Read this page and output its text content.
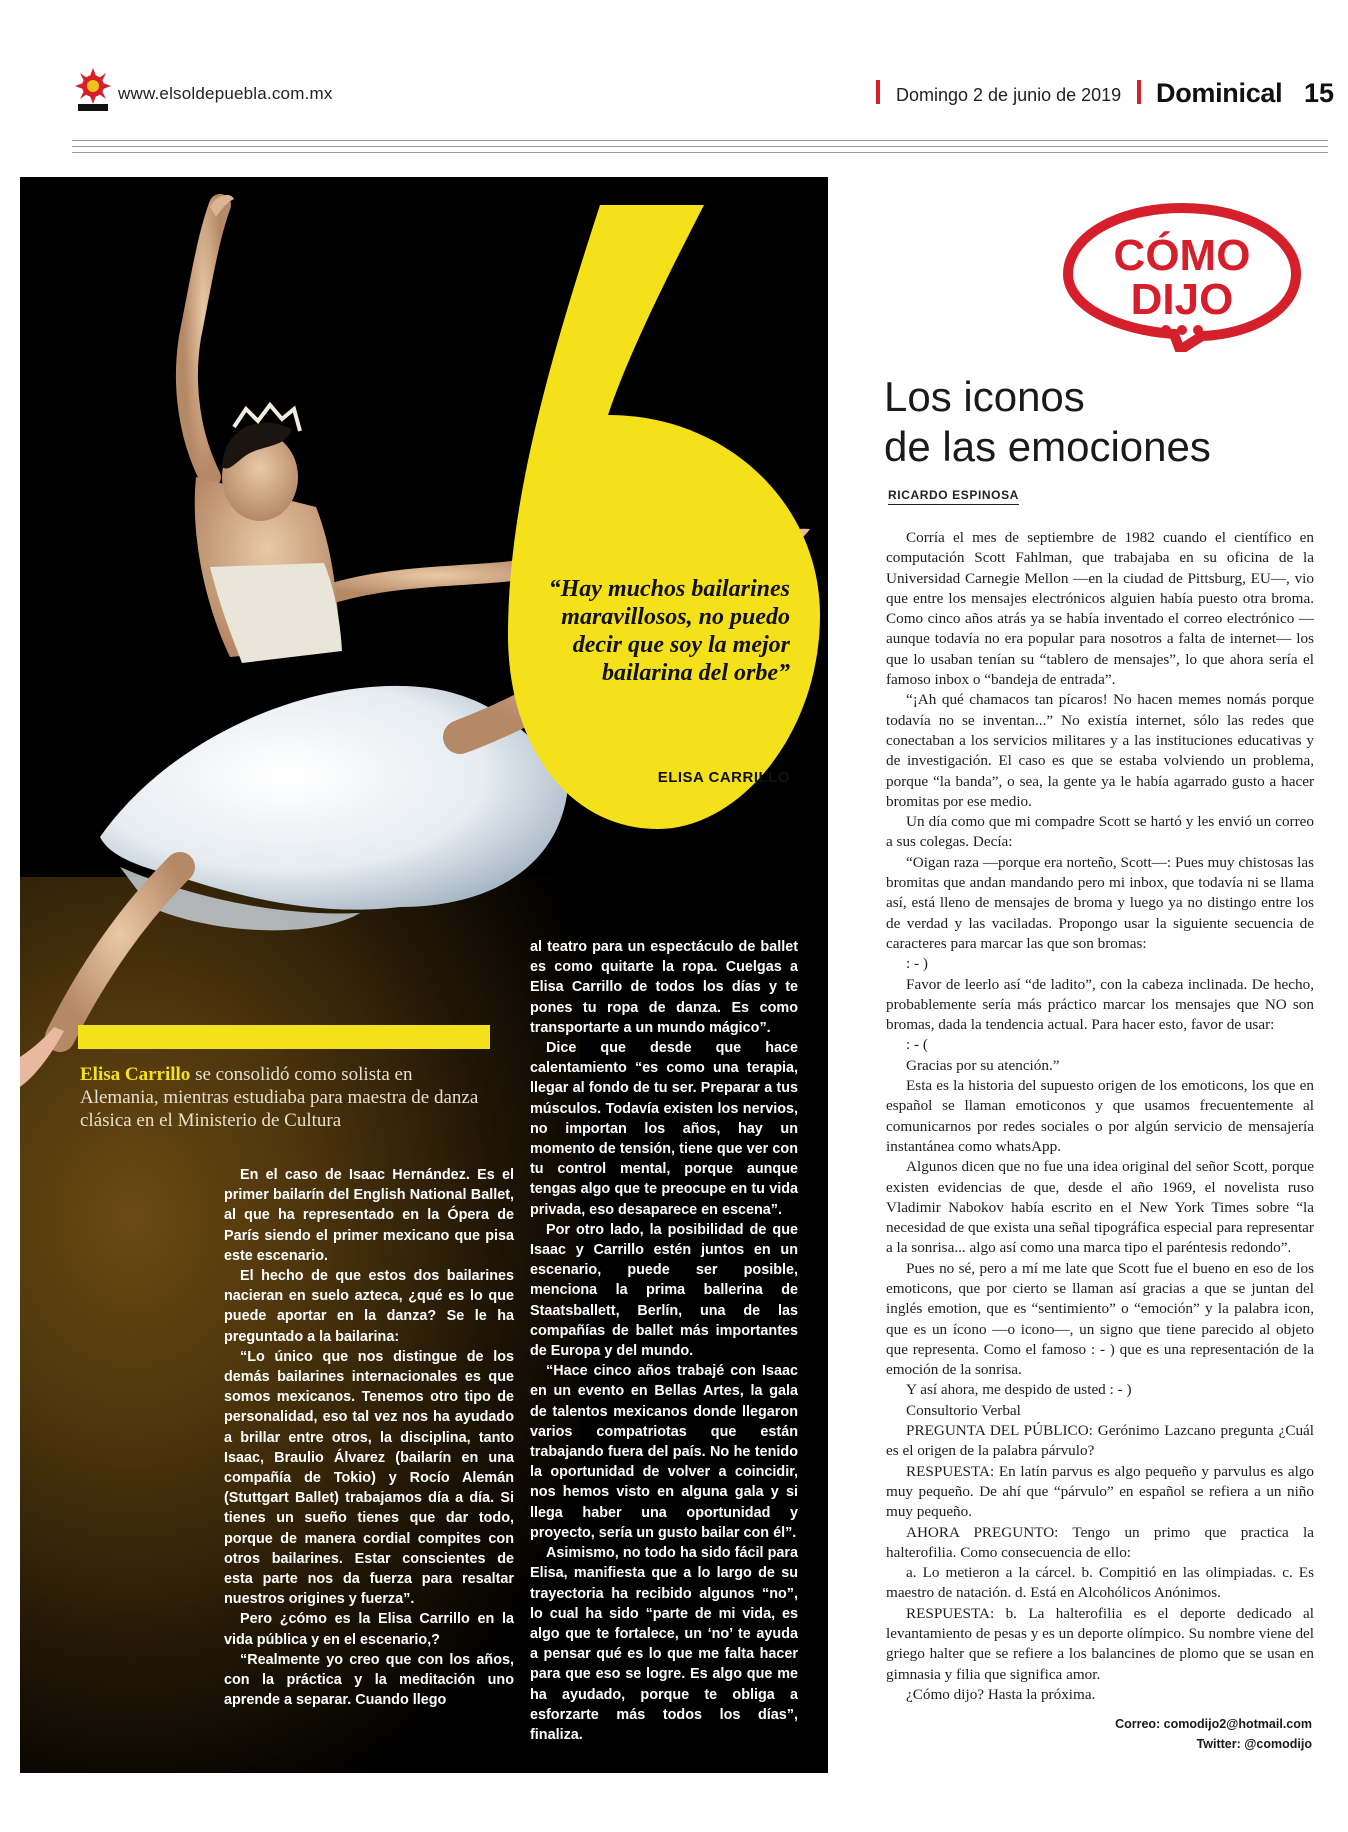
www.elsoldepuebla.com.mx	Domingo 2 de junio de 2019 Dominical 15
“Hay muchos bailarines maravillosos, no puedo decir que soy la mejor bailarina del orbe”
ELISA CARRILLO
Elisa Carrillo se consolidó como solista en Alemania, mientras estudiaba para maestra de danza clásica en el Ministerio de Cultura

En el caso de Isaac Hernández. Es el primer bailarín del English National Ballet, al que ha representado en la Ópera de París siendo el primer mexicano que pisa este escenario.

El hecho de que estos dos bailarines nacieran en suelo azteca, ¿qué es lo que puede aportar en la danza? Se le ha preguntado a la bailarina:

“Lo único que nos distingue de los demás bailarines internacionales es que somos mexicanos. Tenemos otro tipo de personalidad, eso tal vez nos ha ayudado a brillar entre otros, la disciplina, tanto Isaac, Braulio Álvarez (bailarín en una compañía de Tokio) y Rocío Alemán (Stuttgart Ballet) trabajamos día a día. Si tienes un sueño tienes que dar todo, porque de manera cordial compites con otros bailarines. Estar conscientes de esta parte nos da fuerza para resaltar nuestros origines y fuerza”.

Pero ¿cómo es la Elisa Carrillo en la vida pública y en el escenario,?

“Realmente yo creo que con los años, con la práctica y la meditación uno aprende a separar. Cuando llego

al teatro para un espectáculo de ballet es como quitarte la ropa. Cuelgas a Elisa Carrillo de todos los días y te pones tu ropa de danza. Es como transportarte a un mundo mágico”.

Dice que desde que hace calentamiento “es como una terapia, llegar al fondo de tu ser. Preparar a tus músculos. Todavía existen los nervios, no importan los años, hay un momento de tensión, tiene que ver con tu control mental, porque aunque tengas algo que te preocupe en tu vida privada, eso desaparece en escena”.

Por otro lado, la posibilidad de que Isaac y Carrillo estén juntos en un escenario, puede ser posible, menciona la prima ballerina de Staatsballett, Berlín, una de las compañías de ballet más importantes de Europa y del mundo.

“Hace cinco años trabajé con Isaac en un evento en Bellas Artes, la gala de talentos mexicanos donde llegaron varios compatriotas que están trabajando fuera del país. No he tenido la oportunidad de volver a coincidir, nos hemos visto en alguna gala y si llega haber una oportunidad y proyecto, sería un gusto bailar con él”.

Asimismo, no todo ha sido fácil para Elisa, manifiesta que a lo largo de su trayectoria ha recibido algunos “no”, lo cual ha sido “parte de mi vida, es algo que te fortalece, un ‘no’ te ayuda a pensar qué es lo que me falta hacer para que eso se logre. Es algo que me ha ayudado, porque te obliga a esforzarte más todos los días”, finaliza.

CÓMO
DIJO
Los iconos
de las emociones
RICARDO ESPINOSA

Corría el mes de septiembre de 1982 cuando el científico en computación Scott Fahlman, que trabajaba en su oficina de la Universidad Carnegie Mellon —en la ciudad de Pittsburg, EU—, vio que entre los mensajes electrónicos alguien había puesto otra broma. Como cinco años atrás ya se había inventado el correo electrónico —aunque todavía no era popular para nosotros a falta de internet— los que lo usaban tenían su “tablero de mensajes”, lo que ahora sería el famoso inbox o “bandeja de entrada”.

“¡Ah qué chamacos tan pícaros! No hacen memes nomás porque todavía no se inventan...” No existía internet, sólo las redes que conectaban a los servicios militares y a las instituciones educativas y de investigación. El caso es que se estaba volviendo un problema, porque “la banda”, o sea, la gente ya le había agarrado gusto a hacer bromitas por ese medio.

Un día como que mi compadre Scott se hartó y les envió un correo a sus colegas. Decía:

“Oigan raza —porque era norteño, Scott—: Pues muy chistosas las bromitas que andan mandando pero mi inbox, que todavía ni se llama así, está lleno de mensajes de broma y luego ya no distingo entre los de verdad y las vaciladas. Propongo usar la siguiente secuencia de caracteres para marcar las que son bromas:

: - )

Favor de leerlo así “de ladito”, con la cabeza inclinada. De hecho, probablemente sería más práctico marcar los mensajes que NO son bromas, dada la tendencia actual. Para hacer esto, favor de usar:

: - (

Gracias por su atención.”

Esta es la historia del supuesto origen de los emoticons, los que en español se llaman emoticonos y que usamos frecuentemente al comunicarnos por redes sociales o por algún servicio de mensajería instantánea como whatsApp.

Algunos dicen que no fue una idea original del señor Scott, porque existen evidencias de que, desde el año 1969, el novelista ruso Vladimir Nabokov había escrito en el New York Times sobre “la necesidad de que exista una señal tipográfica especial para representar a la sonrisa... algo así como una marca tipo el paréntesis redondo”.

Pues no sé, pero a mí me late que Scott fue el bueno en eso de los emoticons, que por cierto se llaman así gracias a que se juntan del inglés emotion, que es “sentimiento” o “emoción” y la palabra icon, que es un ícono —o icono—, un signo que tiene parecido al objeto que representa. Como el famoso : - ) que es una representación de la emoción de la sonrisa.

Y así ahora, me despido de usted : - )

Consultorio Verbal

PREGUNTA DEL PÚBLICO: Gerónimo Lazcano pregunta ¿Cuál es el origen de la palabra párvulo?

RESPUESTA: En latín parvus es algo pequeño y parvulus es algo muy pequeño. De ahí que “párvulo” en español se refiera a un niño muy pequeño.

AHORA PREGUNTO: Tengo un primo que practica la halterofilia. Como consecuencia de ello:

a. Lo metieron a la cárcel. b. Compitió en las olimpiadas. c. Es maestro de natación. d. Está en Alcohólicos Anónimos.

RESPUESTA: b. La halterofilia es el deporte dedicado al levantamiento de pesas y es un deporte olímpico. Su nombre viene del griego halter que se refiere a los balancines de plomo que se usan en gimnasia y filia que significa amor.

¿Cómo dijo? Hasta la próxima.

Correo: comodijo2@hotmail.com
Twitter: @comodijo
